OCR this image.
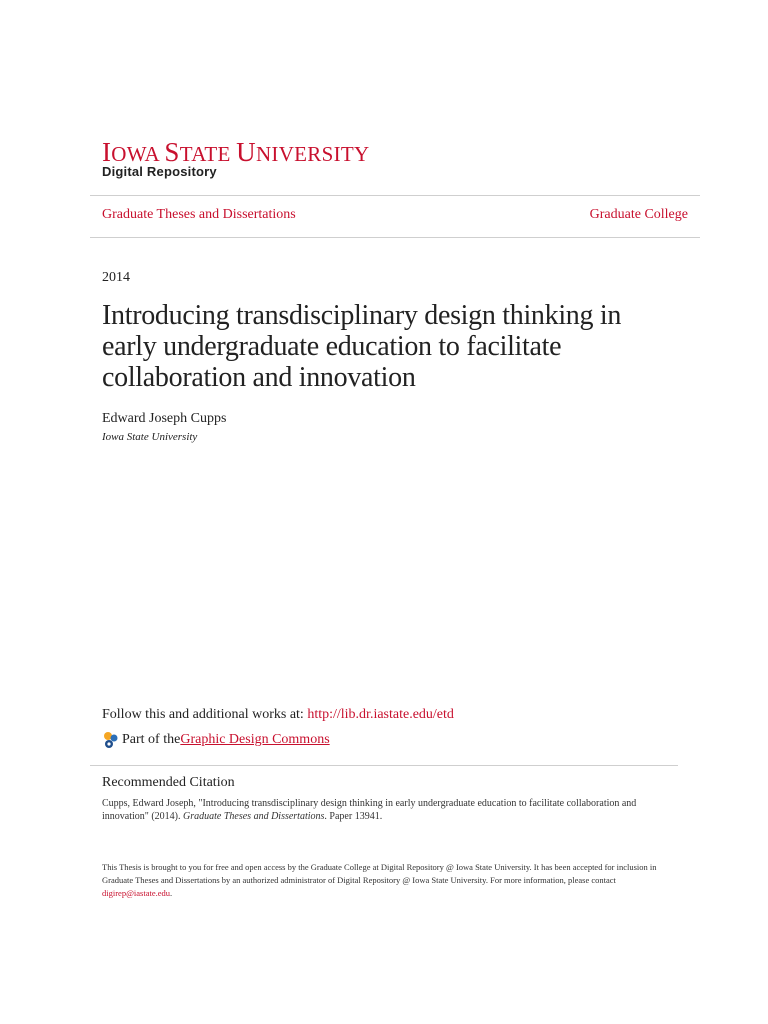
IOWA STATE UNIVERSITY
Digital Repository
Graduate Theses and Dissertations	Graduate College
2014
Introducing transdisciplinary design thinking in early undergraduate education to facilitate collaboration and innovation
Edward Joseph Cupps
Iowa State University
Follow this and additional works at: http://lib.dr.iastate.edu/etd
Part of the Graphic Design Commons
Recommended Citation
Cupps, Edward Joseph, "Introducing transdisciplinary design thinking in early undergraduate education to facilitate collaboration and innovation" (2014). Graduate Theses and Dissertations. Paper 13941.
This Thesis is brought to you for free and open access by the Graduate College at Digital Repository @ Iowa State University. It has been accepted for inclusion in Graduate Theses and Dissertations by an authorized administrator of Digital Repository @ Iowa State University. For more information, please contact digirep@iastate.edu.
